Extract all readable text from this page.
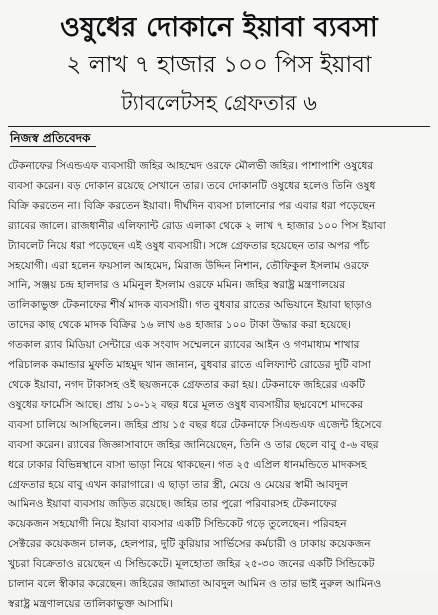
ওষুধের দোকানে ইয়াবা ব্যবসা
২ লাখ ৭ হাজার ১০০ পিস ইয়াবা
ট্যাবলেটসহ গ্রেফতার ৬
নিজস্ব প্রতিবেদক
টেকনাফের সিএন্ডএফ ব্যবসায়ী জহির আহম্মেদ ওরফে মৌলভী জহির। পাশাপাশি ওষুধের
ব্যবসা করেন। বড় দোকান রয়েছে সেখানে তার। তবে দোকানটি ওষুধের হলেও তিনি ওষুধ
বিক্রি করতেন না। বিক্রি করতেন ইয়াবা। দীর্ঘদিন ব্যবসা চালানোর পর এবার ধরা পড়েছেন
র‌্যাবের জালে। রাজধানীর এলিফ্যান্ট রোড এলাকা থেকে ২ লাখ ৭ হাজার ১০০ পিস ইয়াবা
ট্যাবলেট নিয়ে ধরা পড়েছেন এই ওষুধ ব্যবসায়ী। সঙ্গে গ্রেফতার হয়েছেন তার অপর পাঁচ
সহযোগী। এরা হলেন ফয়সাল আহমেদ, মিরাজ উদ্দিন নিশান, তৌফিকুল ইসলাম ওরফে
সানি, সঞ্জয় চন্দ্র হালদার ও মমিনুল ইসলাম ওরফে মমিন। জহির স্বরাষ্ট্র মন্ত্রণালয়ের
তালিকাভুক্ত টেকনাফের শীর্ষ মাদক ব্যবসায়ী। গত বুধবার রাতের অভিযানে ইয়াবা ছাড়াও
তাদের কাছ থেকে মাদক বিক্রির ১৬ লাখ ৬৪ হাজার ১০০ টাকা উদ্ধার করা হয়েছে।
গতকাল র‌্যাব মিডিয়া সেন্টারে এক সংবাদ সম্মেলনে র‌্যাবের আইন ও গণমাধ্যম শাখার
পরিচালক কমান্ডার মুফতি মাহমুদ খান জানান, বুধবার রাতে এলিফ্যান্ট রোডের দুটি বাসা
থেকে ইয়াবা, নগদ টাকাসহ ওই ছয়জনকে গ্রেফতার করা হয়। টেকনাফে জহিরের একটি
ওষুধের ফার্মেসি আছে। প্রায় ১০-১২ বছর ধরে মূলত ওষুধ ব্যবসায়ীর ছদ্মবেশে মাদকের
ব্যবসা চালিয়ে আসছিলেন। জহির প্রায় ১৫ বছর ধরে টেকনাফে সিএন্ডএফ এজেন্ট হিসেবে
ব্যবসা করেন। র‌্যাবের জিজ্ঞাসাবাদে জহির জানিয়েছেন, তিনি ও তার ছেলে বাবু ৫-৬ বছর
ধরে ঢাকার বিভিন্নস্থানে বাসা ভাড়া নিয়ে থাকছেন। গত ২৫ এপ্রিল ধানমন্ডিতে মাদকসহ
গ্রেফতার হয়ে বাবু এখন কারাগারে। এ ছাড়া তার স্ত্রী, মেয়ে ও মেয়ের স্বামী আবদুল
আমিনও ইয়াবা ব্যবসায় জড়িত রয়েছে। জহির তার পুরো পরিবারসহ টেকনাফের
কয়েকজন সহযোগী নিয়ে ইয়াবা ব্যবসার একটি সিন্ডিকেট গড়ে তুলেছেন। পরিবহন
সেক্টরের কয়েকজন চালক, হেলপার, দুটি কুরিয়ার সার্ভিসের কর্মচারী ও ঢাকায় কয়েকজন
খুচরা বিক্রেতাও রয়েছেন এ সিন্ডিকেটে। মূলহোতা জহির ২৫-৩০ জনের একটি সিন্ডিকেট
চালান বলে স্বীকার করেছেন। জহিরের জামাতা আবদুল আমিন ও তার ভাই নুরুল আমিনও
স্বরাষ্ট্র মন্ত্রণালয়ের তালিকাভুক্ত আসামি।
